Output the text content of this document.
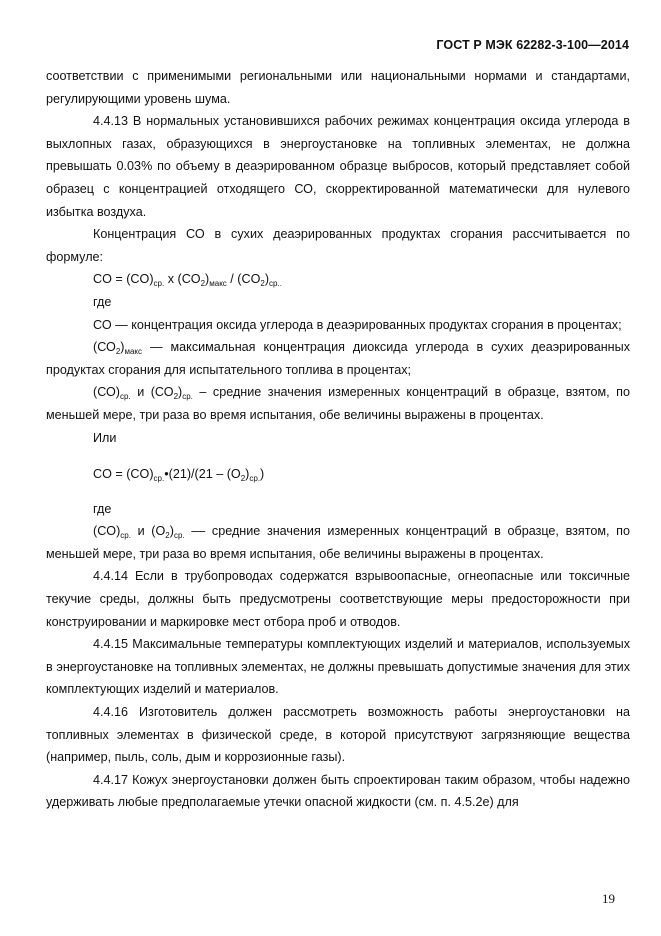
ГОСТ Р МЭК 62282-3-100—2014

соответствии с применимыми региональными или национальными нормами и стандартами, регулирующими уровень шума.

4.4.13 В нормальных установившихся рабочих режимах концентрация оксида углерода в выхлопных газах, образующихся в энергоустановке на топливных элементах, не должна превышать 0.03% по объему в деаэрированном образце выбросов, который представляет собой образец с концентрацией отходящего СО, скорректированной математически для нулевого избытка воздуха.

Концентрация СО в сухих деаэрированных продуктах сгорания рассчитывается по формуле:

CO = $(CO)_{ср.}$ x $(CO_2)_{макс} / (CO_2)_{ср..}$

где

СО — концентрация оксида углерода в деаэрированных продуктах сгорания в процентах;

$(СО_2)_{макс}$ — максимальная концентрация диоксида углерода в сухих деаэрированных продуктах сгорания для испытательного топлива в процентах;

$(СО)_{ср.}$ и $(СО_2)_{ср.}$ – средние значения измеренных концентраций в образце, взятом, по меньшей мере, три раза во время испытания, обе величины выражены в процентах.

Или

CO = $(CO)_{ср.}•(21)/(21 - (O_2)_{ср.})$

где

$(CO)_{ср.}$ и $(O_2)_{ср.}$ –– средние значения измеренных концентраций в образце, взятом, по меньшей мере, три раза во время испытания, обе величины выражены в процентах.

4.4.14 Если в трубопроводах содержатся взрывоопасные, огнеопасные или токсичные текучие среды, должны быть предусмотрены соответствующие меры предосторожности при конструировании и маркировке мест отбора проб и отводов.

4.4.15 Максимальные температуры комплектующих изделий и материалов, используемых в энергоустановке на топливных элементах, не должны превышать допустимые значения для этих комплектующих изделий и материалов.

4.4.16 Изготовитель должен рассмотреть возможность работы энергоустановки на топливных элементах в физической среде, в которой присутствуют загрязняющие вещества (например, пыль, соль, дым и коррозионные газы).

4.4.17 Кожух энергоустановки должен быть спроектирован таким образом, чтобы надежно удерживать любые предполагаемые утечки опасной жидкости (см. п. 4.5.2е) для

19
